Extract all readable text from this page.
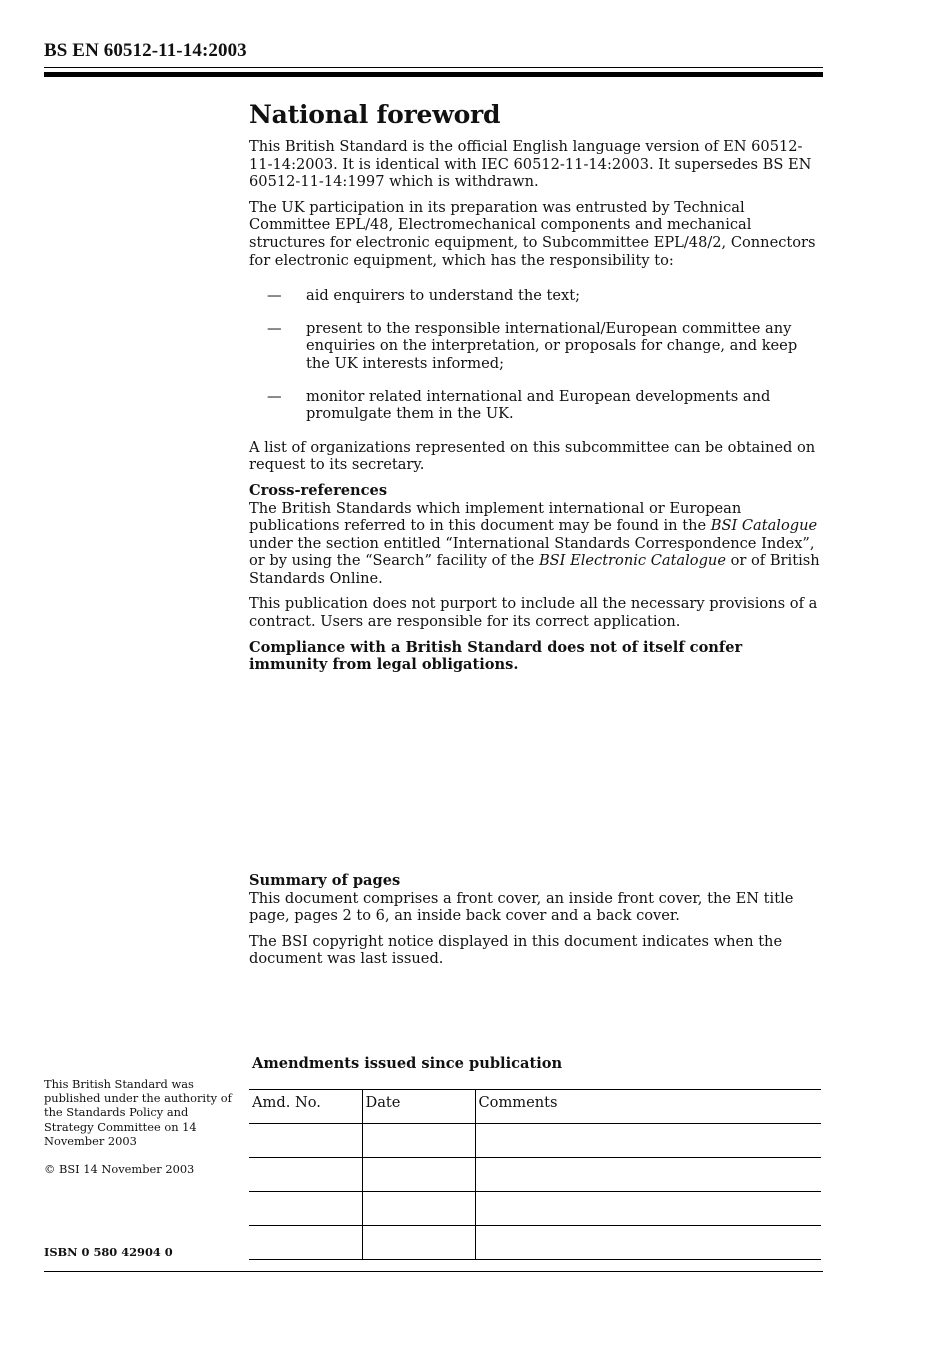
BS EN 60512-11-14:2003
National foreword

This British Standard is the official English language version of EN 60512-11-14:2003. It is identical with IEC 60512-11-14:2003. It supersedes BS EN 60512-11-14:1997 which is withdrawn.

The UK participation in its preparation was entrusted by Technical Committee EPL/48, Electromechanical components and mechanical structures for electronic equipment, to Subcommittee EPL/48/2, Connectors for electronic equipment, which has the responsibility to:

— aid enquirers to understand the text;
— present to the responsible international/European committee any enquiries on the interpretation, or proposals for change, and keep the UK interests informed;
— monitor related international and European developments and promulgate them in the UK.

A list of organizations represented on this subcommittee can be obtained on request to its secretary.

Cross-references

The British Standards which implement international or European publications referred to in this document may be found in the BSI Catalogue under the section entitled “International Standards Correspondence Index”, or by using the “Search” facility of the BSI Electronic Catalogue or of British Standards Online.

This publication does not purport to include all the necessary provisions of a contract. Users are responsible for its correct application.

Compliance with a British Standard does not of itself confer immunity from legal obligations.

Summary of pages

This document comprises a front cover, an inside front cover, the EN title page, pages 2 to 6, an inside back cover and a back cover.

The BSI copyright notice displayed in this document indicates when the document was last issued.

This British Standard was published under the authority of the Standards Policy and Strategy Committee on 14 November 2003

© BSI 14 November 2003

ISBN 0 580 42904 0
Amendments issued since publication
Amd. No.	Date	Comments
